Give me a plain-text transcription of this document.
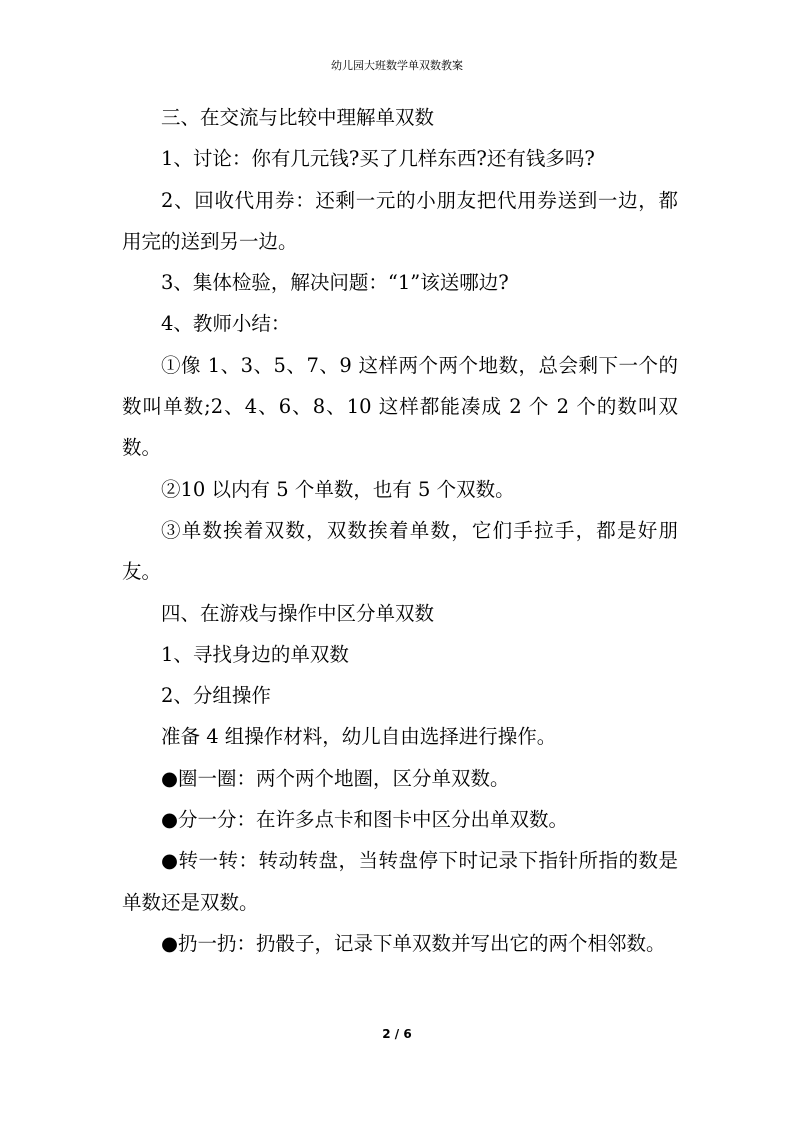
幼儿园大班数学单双数教案

三、在交流与比较中理解单双数

1、讨论：你有几元钱?买了几样东西?还有钱多吗?

2、回收代用券：还剩一元的小朋友把代用券送到一边，都用完的送到另一边。

3、集体检验，解决问题：“1”该送哪边?

4、教师小结：

①像 1、3、5、7、9 这样两个两个地数，总会剩下一个的数叫单数;2、4、6、8、10 这样都能凑成 2 个 2 个的数叫双数。

②10 以内有 5 个单数，也有 5 个双数。

③单数挨着双数，双数挨着单数，它们手拉手，都是好朋友。

四、在游戏与操作中区分单双数

1、寻找身边的单双数

2、分组操作

准备 4 组操作材料，幼儿自由选择进行操作。

●圈一圈：两个两个地圈，区分单双数。

●分一分：在许多点卡和图卡中区分出单双数。

●转一转：转动转盘，当转盘停下时记录下指针所指的数是单数还是双数。

●扔一扔：扔骰子，记录下单双数并写出它的两个相邻数。

2 / 6
